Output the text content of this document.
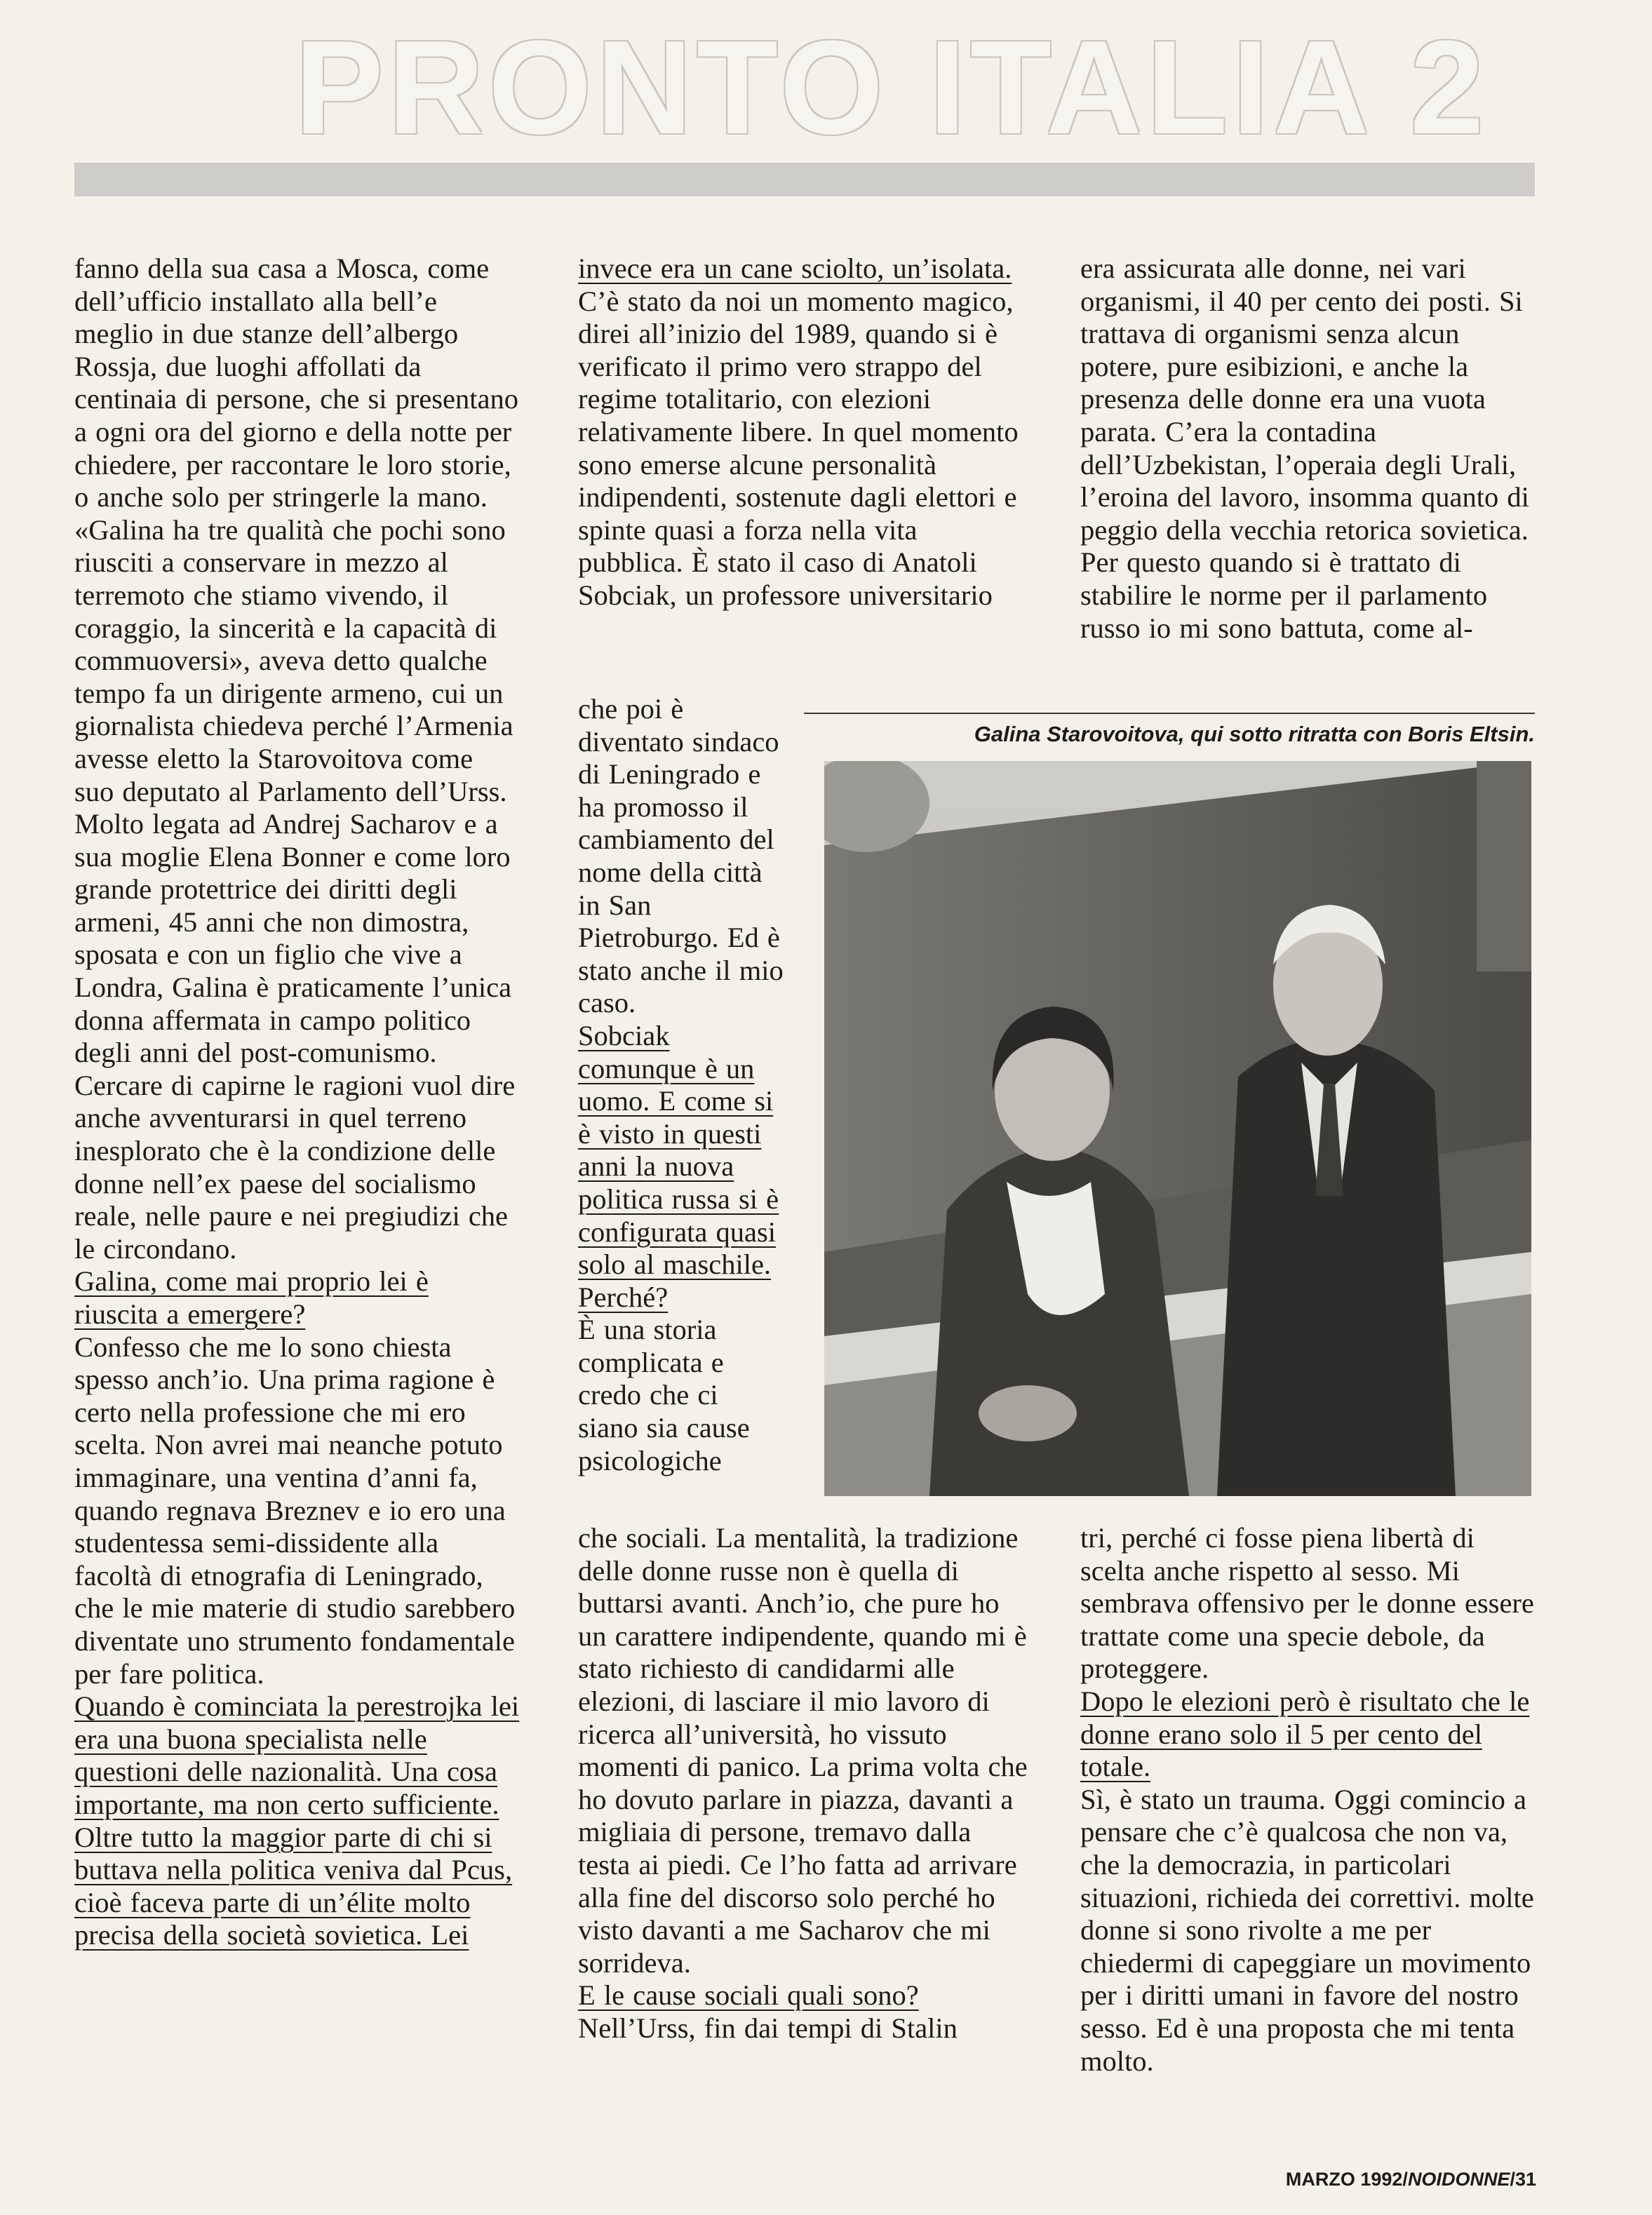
PRONTO ITALIA 2

fanno della sua casa a Mosca, come dell’ufficio installato alla bell’e meglio in due stanze dell’albergo Rossja, due luoghi affollati da centinaia di persone, che si presentano a ogni ora del giorno e della notte per chiedere, per raccontare le loro storie, o anche solo per stringerle la mano. «Galina ha tre qualità che pochi sono riusciti a conservare in mezzo al terremoto che stiamo vivendo, il coraggio, la sincerità e la capacità di commuoversi», aveva detto qualche tempo fa un dirigente armeno, cui un giornalista chiedeva perché l’Armenia avesse eletto la Starovoitova come suo deputato al Parlamento dell’Urss.

Molto legata ad Andrej Sacharov e a sua moglie Elena Bonner e come loro grande protettrice dei diritti degli armeni, 45 anni che non dimostra, sposata e con un figlio che vive a Londra, Galina è praticamente l’unica donna affermata in campo politico degli anni del post-comunismo. Cercare di capirne le ragioni vuol dire anche avventurarsi in quel terreno inesplorato che è la condizione delle donne nell’ex paese del socialismo reale, nelle paure e nei pregiudizi che le circondano.

Galina, come mai proprio lei è riuscita a emergere?

Confesso che me lo sono chiesta spesso anch’io. Una prima ragione è certo nella professione che mi ero scelta. Non avrei mai neanche potuto immaginare, una ventina d’anni fa, quando regnava Breznev e io ero una studentessa semi-dissidente alla facoltà di etnografia di Leningrado, che le mie materie di studio sarebbero diventate uno strumento fondamentale per fare politica.

Quando è cominciata la perestrojka lei era una buona specialista nelle questioni delle nazionalità. Una cosa importante, ma non certo sufficiente. Oltre tutto la maggior parte di chi si buttava nella politica veniva dal Pcus, cioè faceva parte di un’élite molto precisa della società sovietica. Lei

invece era un cane sciolto, un’isolata.

C’è stato da noi un momento magico, direi all’inizio del 1989, quando si è verificato il primo vero strappo del regime totalitario, con elezioni relativamente libere. In quel momento sono emerse alcune personalità indipendenti, sostenute dagli elettori e spinte quasi a forza nella vita pubblica. È stato il caso di Anatoli Sobciak, un professore universitario

che poi è diventato sindaco di Leningrado e ha promosso il cambiamento del nome della città in San Pietroburgo. Ed è stato anche il mio caso.

Sobciak comunque è un uomo. E come si è visto in questi anni la nuova politica russa si è configurata quasi solo al maschile. Perché?

È una storia complicata e credo che ci siano sia cause psicologiche

che sociali. La mentalità, la tradizione delle donne russe non è quella di buttarsi avanti. Anch’io, che pure ho un carattere indipendente, quando mi è stato richiesto di candidarmi alle elezioni, di lasciare il mio lavoro di ricerca all’università, ho vissuto momenti di panico. La prima volta che ho dovuto parlare in piazza, davanti a migliaia di persone, tremavo dalla testa ai piedi. Ce l’ho fatta ad arrivare alla fine del discorso solo perché ho visto davanti a me Sacharov che mi sorrideva.

E le cause sociali quali sono?

Nell’Urss, fin dai tempi di Stalin

era assicurata alle donne, nei vari organismi, il 40 per cento dei posti. Si trattava di organismi senza alcun potere, pure esibizioni, e anche la presenza delle donne era una vuota parata. C’era la contadina dell’Uzbekistan, l’operaia degli Urali, l’eroina del lavoro, insomma quanto di peggio della vecchia retorica sovietica. Per questo quando si è trattato di stabilire le norme per il parlamento russo io mi sono battuta, come al-

tri, perché ci fosse piena libertà di scelta anche rispetto al sesso. Mi sembrava offensivo per le donne essere trattate come una specie debole, da proteggere.

Dopo le elezioni però è risultato che le donne erano solo il 5 per cento del totale.

Sì, è stato un trauma. Oggi comincio a pensare che c’è qualcosa che non va, che la democrazia, in particolari situazioni, richieda dei correttivi. molte donne si sono rivolte a me per chiedermi di capeggiare un movimento per i diritti umani in favore del nostro sesso. Ed è una proposta che mi tenta molto.

Galina Starovoitova, qui sotto ritratta con Boris Eltsin.
MARZO 1992/NOIDONNE/31
